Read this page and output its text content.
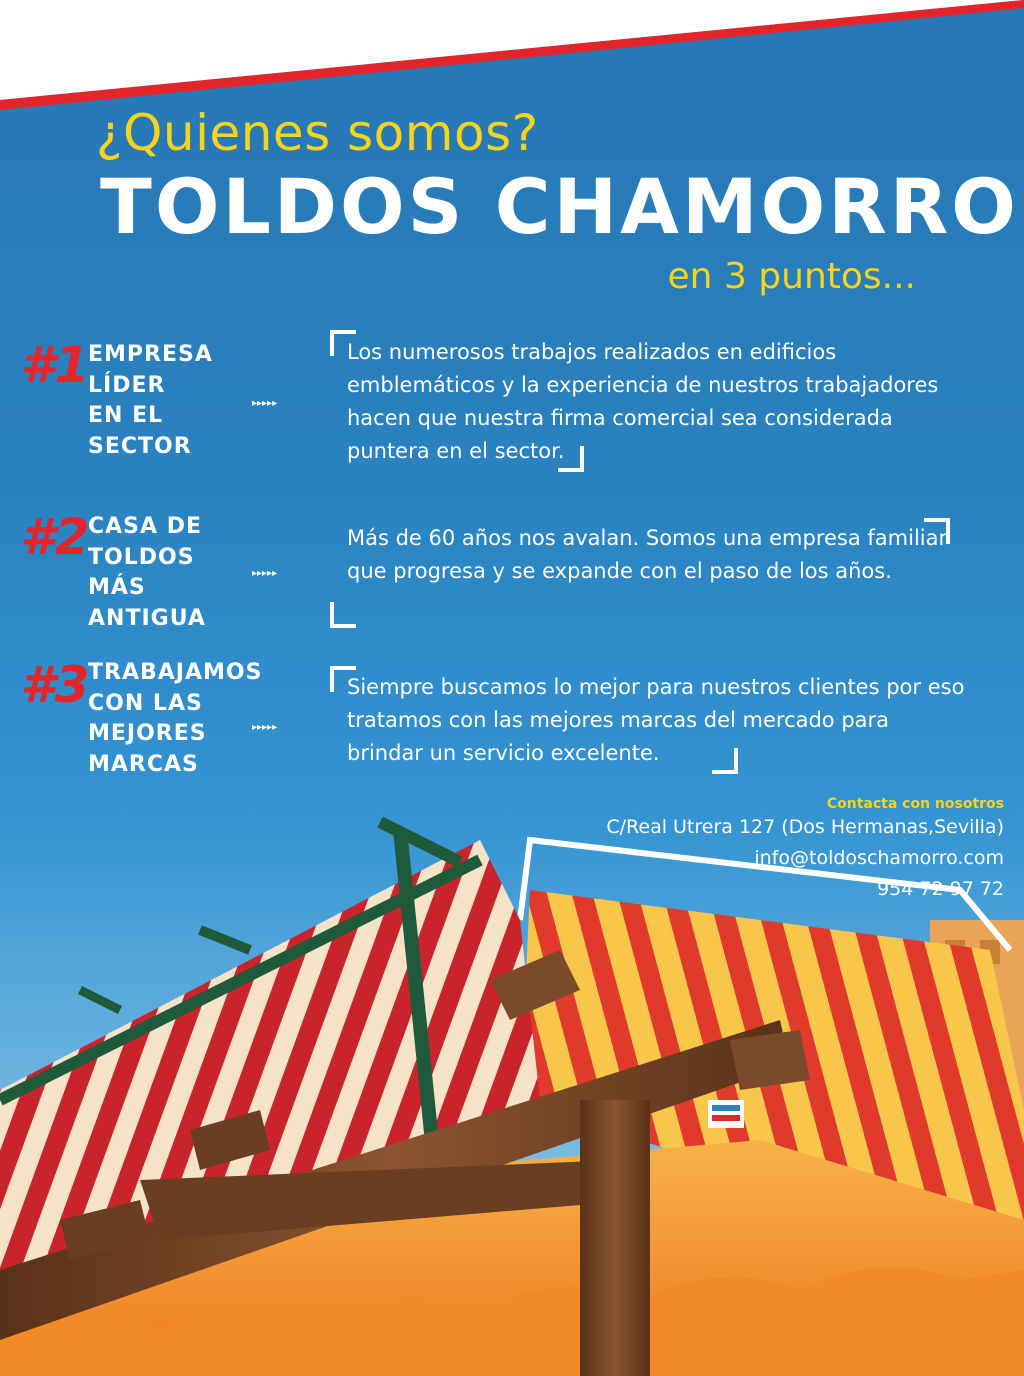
¿Quienes somos?
TOLDOS CHAMORRO
en 3 puntos...
#1
EMPRESA
LÍDER
EN EL
SECTOR
▸▸▸▸▸
Los numerosos trabajos realizados en edificios emblemáticos y la experiencia de nuestros trabajadores hacen que nuestra firma comercial sea considerada puntera en el sector.
#2
CASA DE
TOLDOS
MÁS
ANTIGUA
▸▸▸▸▸
Más de 60 años nos avalan. Somos una empresa familiar que progresa y se expande con el paso de los años.
#3
TRABAJAMOS
CON LAS
MEJORES
MARCAS
▸▸▸▸▸
Siempre buscamos lo mejor para nuestros clientes por eso tratamos con las mejores marcas del mercado para brindar un servicio excelente.
Contacta con nosotros
C/Real Utrera 127 (Dos Hermanas,Sevilla)
info@toldoschamorro.com
954 72 97 72
